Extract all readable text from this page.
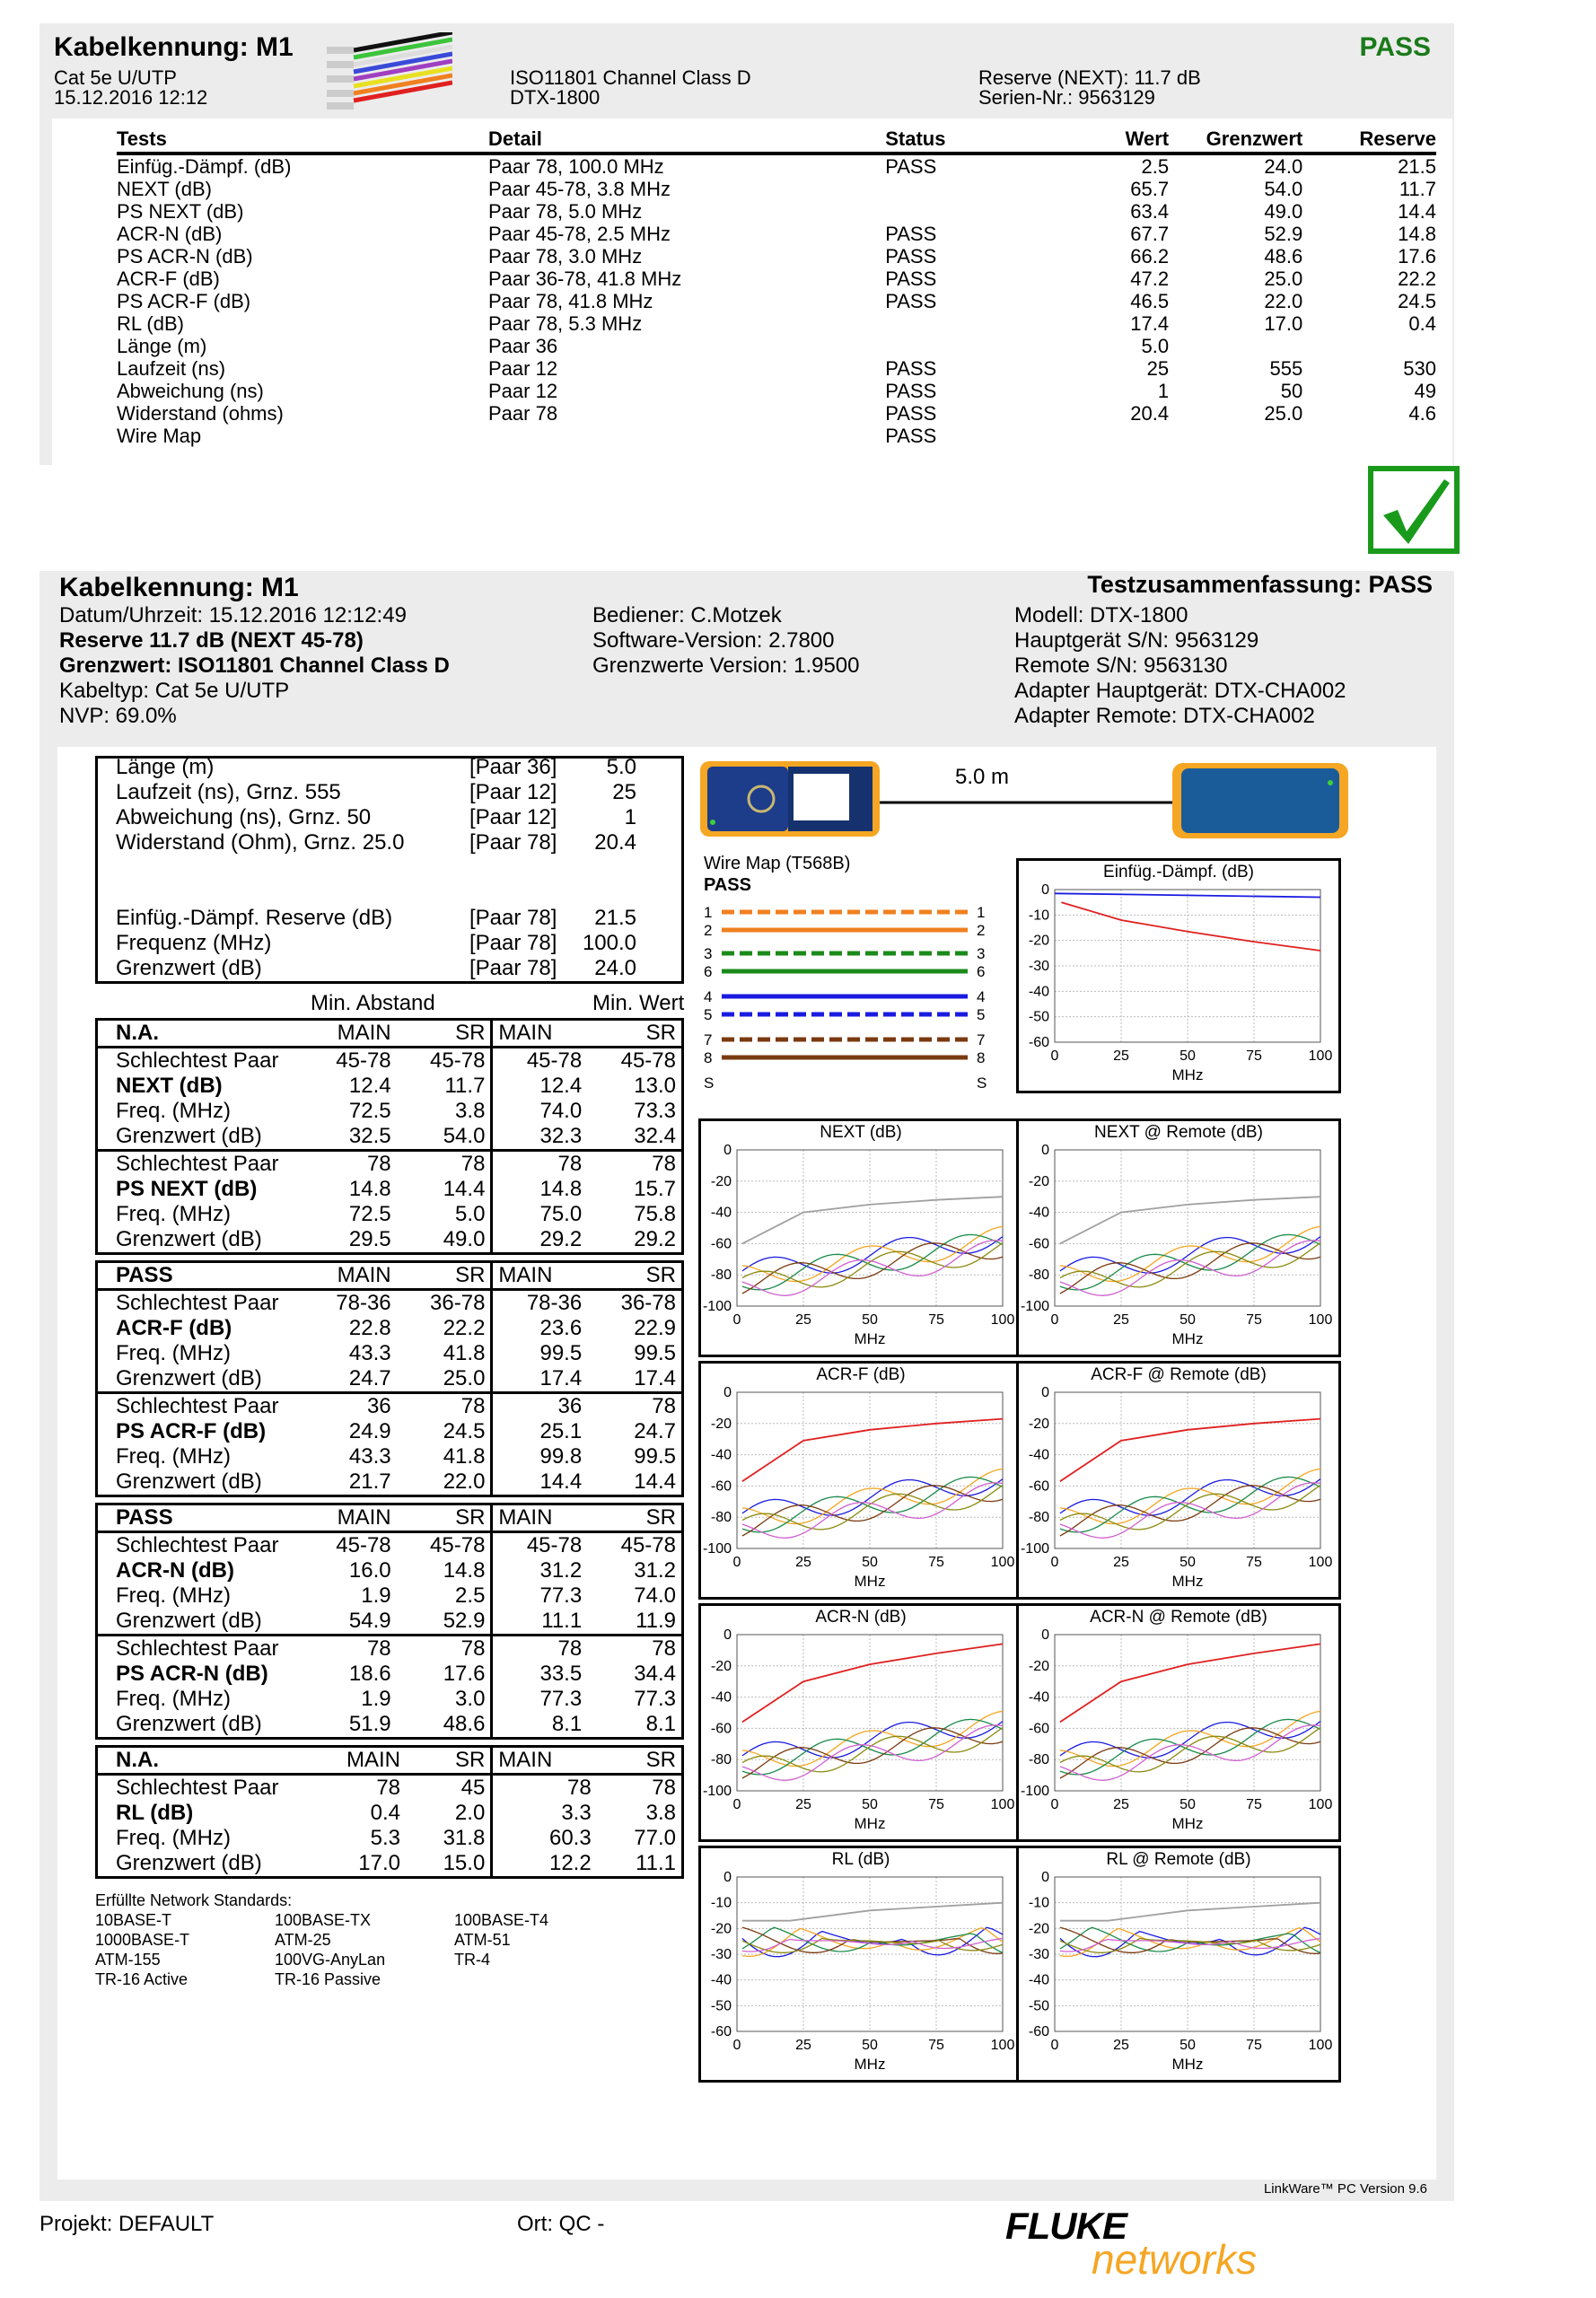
Kabelkennung: M1
Cat 5e U/UTP
15.12.2016 12:12
ISO11801 Channel Class D
DTX-1800
Reserve (NEXT): 11.7 dB
Serien-Nr.: 9563129
PASS
Tests	Detail	Status	Wert	Grenzwert	Reserve
Einfüg.-Dämpf. (dB)	Paar 78, 100.0 MHz	PASS	2.5	24.0	21.5
NEXT (dB)	Paar 45-78, 3.8 MHz		65.7	54.0	11.7
PS NEXT (dB)	Paar 78, 5.0 MHz		63.4	49.0	14.4
ACR-N (dB)	Paar 45-78, 2.5 MHz	PASS	67.7	52.9	14.8
PS ACR-N (dB)	Paar 78, 3.0 MHz	PASS	66.2	48.6	17.6
ACR-F (dB)	Paar 36-78, 41.8 MHz	PASS	47.2	25.0	22.2
PS ACR-F (dB)	Paar 78, 41.8 MHz	PASS	46.5	22.0	24.5
RL (dB)	Paar 78, 5.3 MHz		17.4	17.0	0.4
Länge (m)	Paar 36		5.0		
Laufzeit (ns)	Paar 12	PASS	25	555	530
Abweichung (ns)	Paar 12	PASS	1	50	49
Widerstand (ohms)	Paar 78	PASS	20.4	25.0	4.6
Wire Map		PASS			
Kabelkennung: M1	Testzusammenfassung: PASS
Datum/Uhrzeit: 15.12.2016 12:12:49
Reserve 11.7 dB (NEXT 45-78)
Grenzwert: ISO11801 Channel Class D
Kabeltyp: Cat 5e U/UTP
NVP: 69.0%
Bediener: C.Motzek
Software-Version: 2.7800
Grenzwerte Version: 1.9500
Modell: DTX-1800
Hauptgerät S/N: 9563129
Remote S/N: 9563130
Adapter Hauptgerät: DTX-CHA002
Adapter Remote: DTX-CHA002
Länge (m)	[Paar 36] 5.0
Laufzeit (ns), Grnz. 555	[Paar 12]	25
Abweichung (ns), Grnz. 50	[Paar 12]	1
Widerstand (Ohm), Grnz. 25.0	[Paar 78] 20.4
Einfüg.-Dämpf. Reserve (dB)	[Paar 78] 21.5
Frequenz (MHz)	[Paar 78] 100.0
Grenzwert (dB)	[Paar 78] 24.0
Min. Abstand	Min. Wert
N.A.	MAIN	SR	MAIN	SR
Schlechtest Paar	45-78	45-78	45-78	45-78
NEXT (dB)	12.4	11.7	12.4	13.0
Freq. (MHz)	72.5	3.8	74.0	73.3
Grenzwert (dB)	32.5	54.0	32.3	32.4
Schlechtest Paar	78	78	78	78
PS NEXT (dB)	14.8	14.4	14.8	15.7
Freq. (MHz)	72.5	5.0	75.0	75.8
Grenzwert (dB)	29.5	49.0	29.2	29.2
PASS	MAIN	SR	MAIN	SR
Schlechtest Paar	78-36	36-78	78-36	36-78
ACR-F (dB)	22.8	22.2	23.6	22.9
Freq. (MHz)	43.3	41.8	99.5	99.5
Grenzwert (dB)	24.7	25.0	17.4	17.4
Schlechtest Paar	36	78	36	78
PS ACR-F (dB)	24.9	24.5	25.1	24.7
Freq. (MHz)	43.3	41.8	99.8	99.5
Grenzwert (dB)	21.7	22.0	14.4	14.4
PASS	MAIN	SR	MAIN	SR
Schlechtest Paar	45-78	45-78	45-78	45-78
ACR-N (dB)	16.0	14.8	31.2	31.2
Freq. (MHz)	1.9	2.5	77.3	74.0
Grenzwert (dB)	54.9	52.9	11.1	11.9
Schlechtest Paar	78	78	78	78
PS ACR-N (dB)	18.6	17.6	33.5	34.4
Freq. (MHz)	1.9	3.0	77.3	77.3
Grenzwert (dB)	51.9	48.6	8.1	8.1
N.A.	MAIN	SR	MAIN	SR
Schlechtest Paar	78	45	78	78
RL (dB)	0.4	2.0	3.3	3.8
Freq. (MHz)	5.3	31.8	60.3	77.0
Grenzwert (dB)	17.0	15.0	12.2	11.1
Erfüllte Network Standards:
10BASE-T	100BASE-TX	100BASE-T4
1000BASE-T	ATM-25	ATM-51
ATM-155	100VG-AnyLan	TR-4
TR-16 Active	TR-16 Passive
5.0 m
Wire Map (T568B)
PASS
1	1
2	2
3	3
6	6
4	4
5	5
7	7
8	8
S	S
Einfüg.-Dämpf. (dB)
0	25	50	75	100
0
-10
-20
-30
-40
-50
-60
MHz
NEXT (dB)
0	25	50	75	100
0
-20
-40
-60
-80
-100
MHz
NEXT @ Remote (dB)
0	25	50	75	100
0
-20
-40
-60
-80
-100
MHz
ACR-F (dB)
0	25	50	75	100
0
-20
-40
-60
-80
-100
MHz
ACR-F @ Remote (dB)
0	25	50	75	100
0
-20
-40
-60
-80
-100
MHz
ACR-N (dB)
0	25	50	75	100
0
-20
-40
-60
-80
-100
MHz
ACR-N @ Remote (dB)
0	25	50	75	100
0
-20
-40
-60
-80
-100
MHz
RL (dB)
0	25	50	75	100
0
-10
-20
-30
-40
-50
-60
MHz
RL @ Remote (dB)
0	25	50	75	100
0
-10
-20
-30
-40
-50
-60
MHz
LinkWare™ PC Version 9.6
Projekt: DEFAULT	Ort: QC -	FLUKE
networks
